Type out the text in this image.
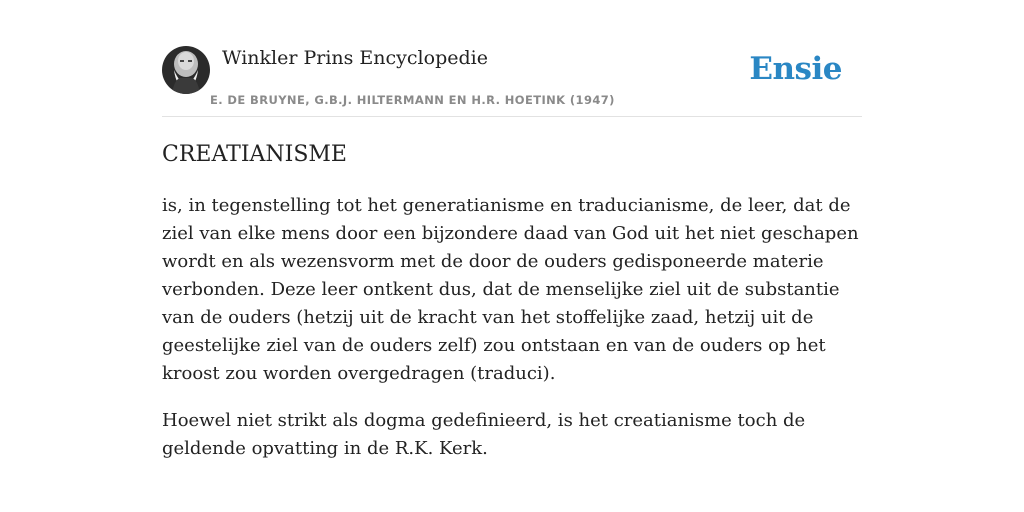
Winkler Prins Encyclopedie
E. DE BRUYNE, G.B.J. HILTERMANN EN H.R. HOETINK (1947)
Ensie
CREATIANISME

is, in tegenstelling tot het generatianisme en traducianisme, de leer, dat de ziel van elke mens door een bijzondere daad van God uit het niet geschapen wordt en als wezensvorm met de door de ouders gedisponeerde materie verbonden. Deze leer ontkent dus, dat de menselijke ziel uit de substantie van de ouders (hetzij uit de kracht van het stoffelijke zaad, hetzij uit de geestelijke ziel van de ouders zelf) zou ontstaan en van de ouders op het kroost zou worden overgedragen (traduci).

Hoewel niet strikt als dogma gedefinieerd, is het creatianisme toch de geldende opvatting in de R.K. Kerk.
